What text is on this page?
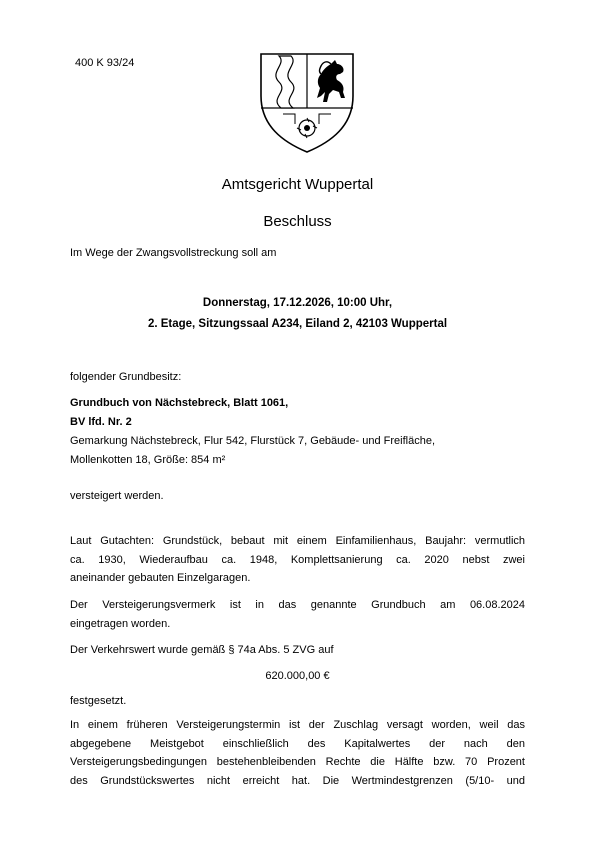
400 K 93/24
Amtsgericht Wuppertal
Beschluss
Im Wege der Zwangsvollstreckung soll am
Donnerstag, 17.12.2026, 10:00 Uhr,
2. Etage, Sitzungssaal A234, Eiland 2, 42103 Wuppertal
folgender Grundbesitz:
Grundbuch von Nächstebreck, Blatt 1061,
BV lfd. Nr. 2
Gemarkung Nächstebreck, Flur 542, Flurstück 7, Gebäude- und Freifläche,
Mollenkotten 18, Größe: 854 m²
versteigert werden.
Laut Gutachten: Grundstück, bebaut mit einem Einfamilienhaus, Baujahr: vermutlich
ca. 1930, Wiederaufbau ca. 1948, Komplettsanierung ca. 2020 nebst zwei
aneinander gebauten Einzelgaragen.
Der Versteigerungsvermerk ist in das genannte Grundbuch am 06.08.2024
eingetragen worden.
Der Verkehrswert wurde gemäß § 74a Abs. 5 ZVG auf
620.000,00 €
festgesetzt.
In einem früheren Versteigerungstermin ist der Zuschlag versagt worden, weil das
abgegebene Meistgebot einschließlich des Kapitalwertes der nach den
Versteigerungsbedingungen bestehenbleibenden Rechte die Hälfte bzw. 70 Prozent
des Grundstückswertes nicht erreicht hat. Die Wertmindestgrenzen (5/10- und
